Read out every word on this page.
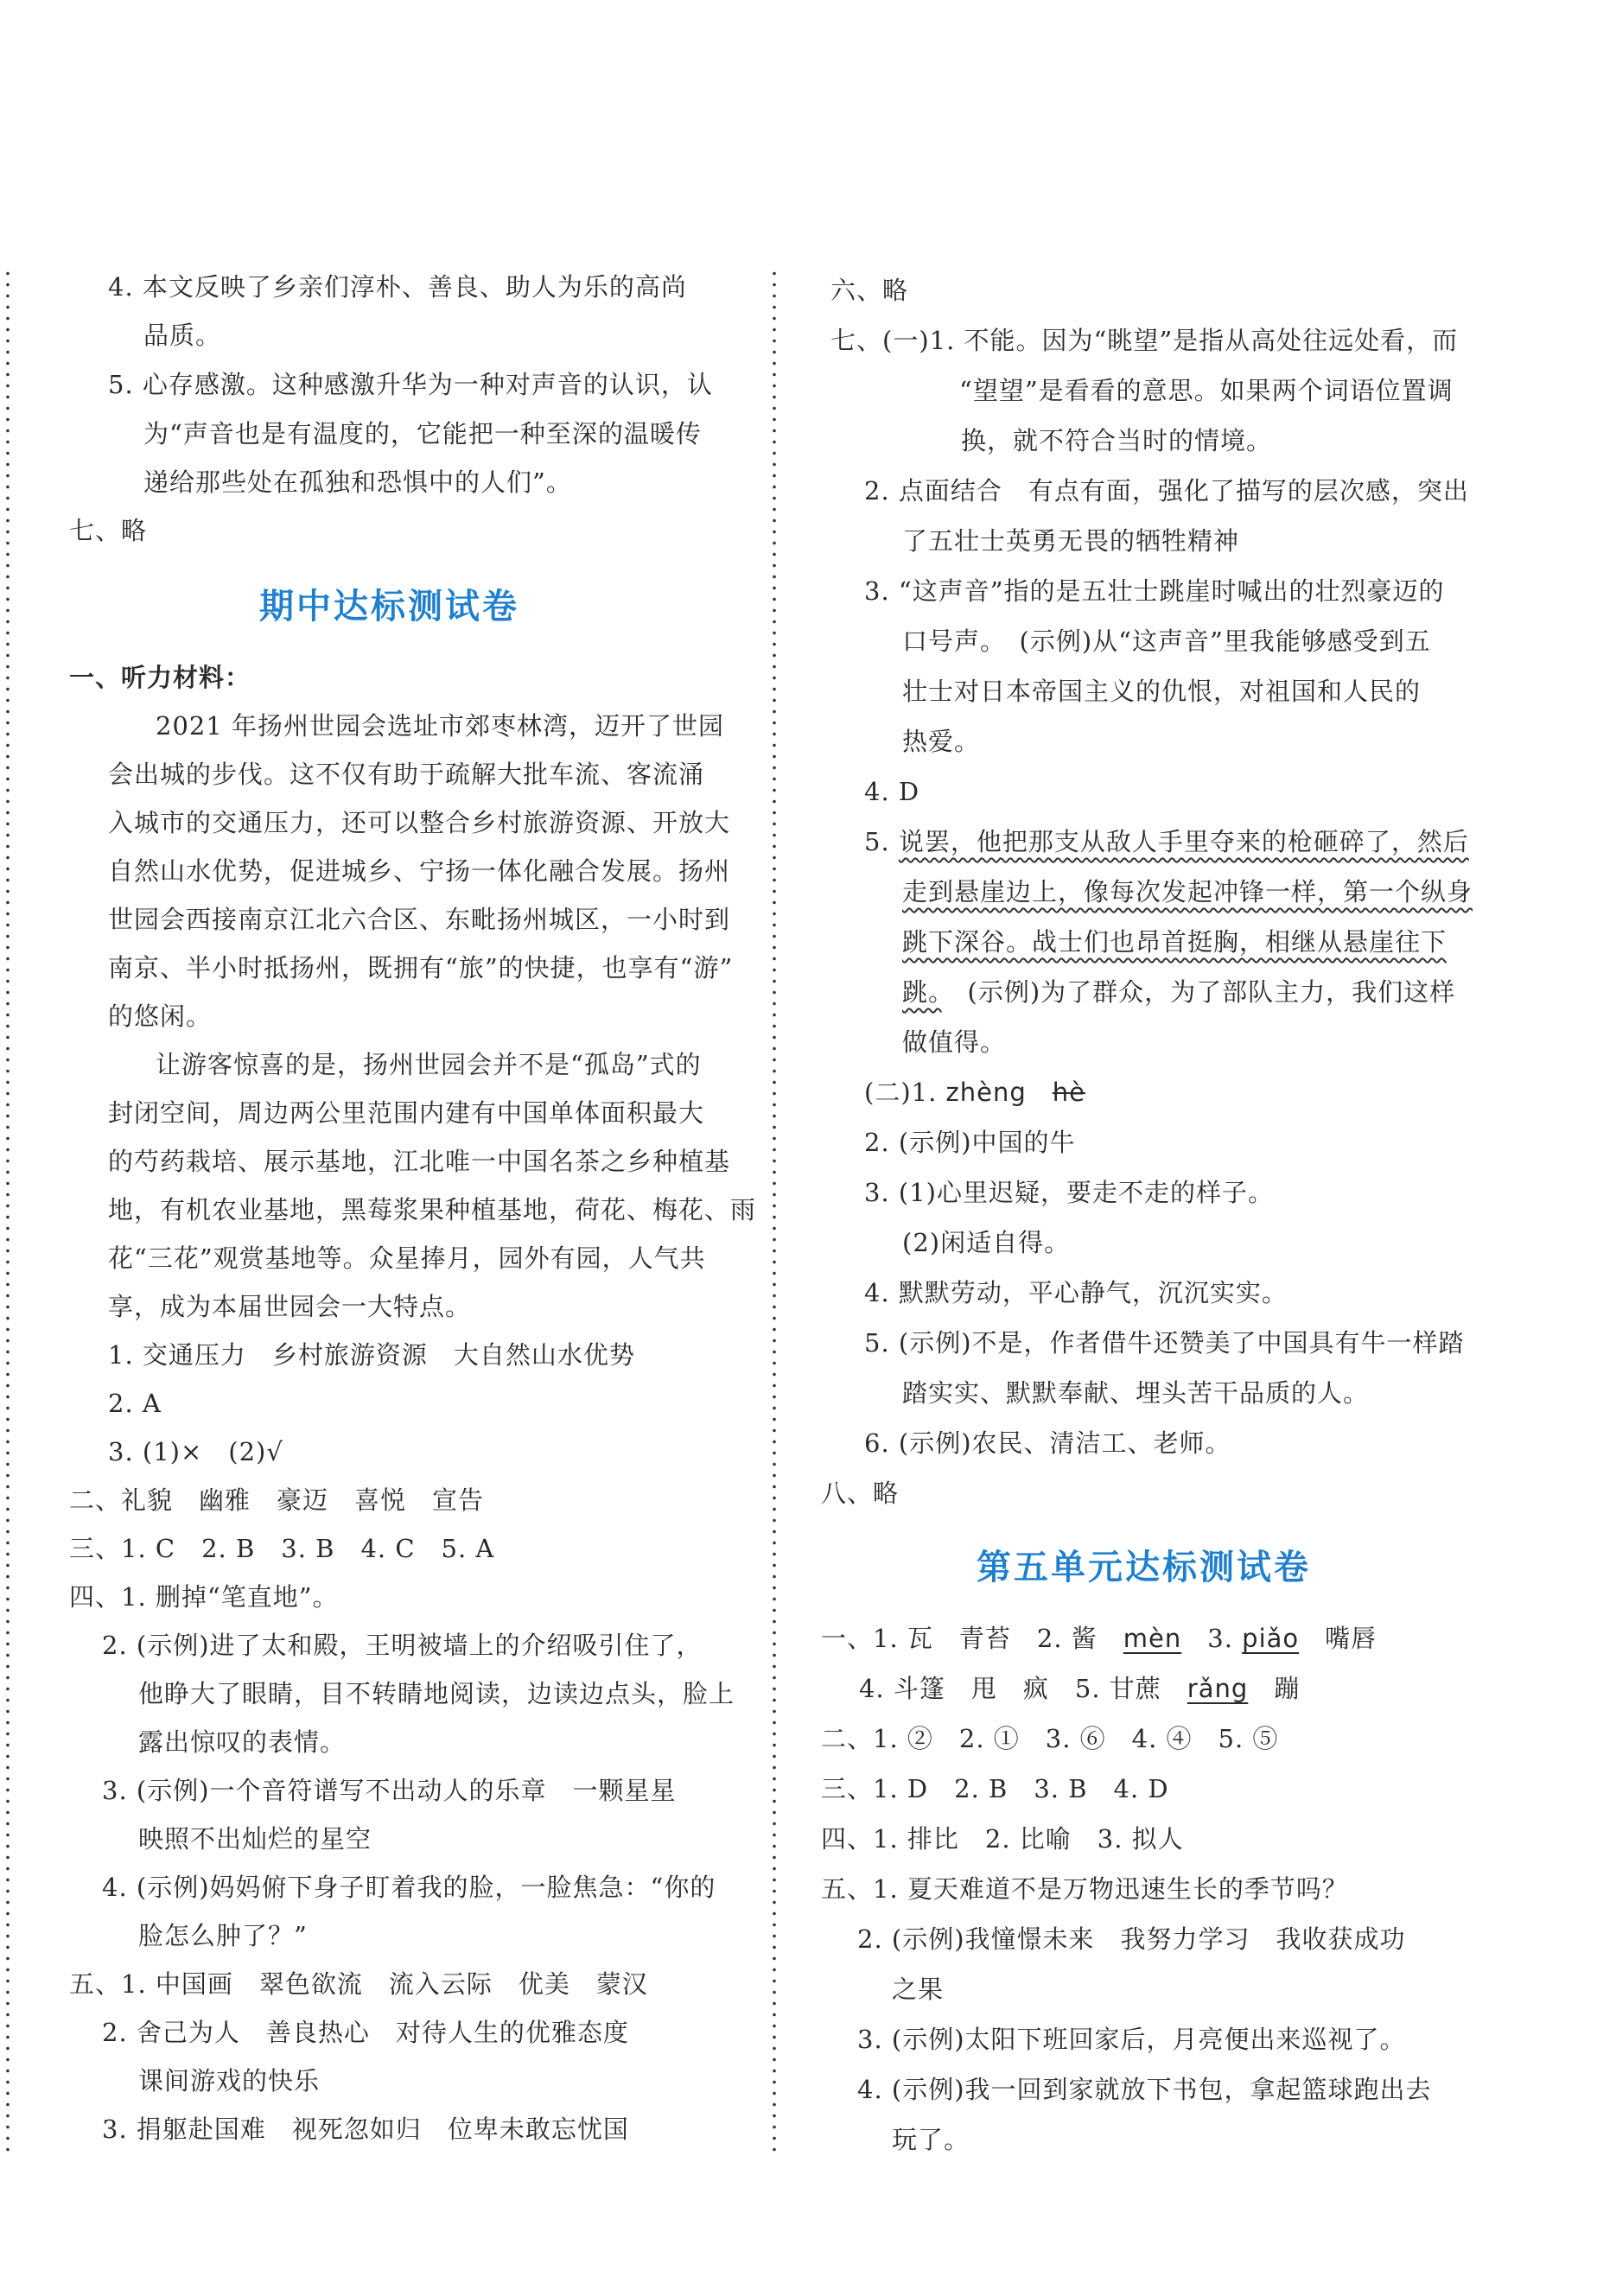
4. 本文反映了乡亲们淳朴、善良、助人为乐的高尚
品质。
5. 心存感激。这种感激升华为一种对声音的认识，认
为“声音也是有温度的，它能把一种至深的温暖传
递给那些处在孤独和恐惧中的人们”。
七、略
期中达标测试卷
一、听力材料：
2021 年扬州世园会选址市郊枣林湾，迈开了世园
会出城的步伐。这不仅有助于疏解大批车流、客流涌
入城市的交通压力，还可以整合乡村旅游资源、开放大
自然山水优势，促进城乡、宁扬一体化融合发展。扬州
世园会西接南京江北六合区、东毗扬州城区，一小时到
南京、半小时抵扬州，既拥有“旅”的快捷，也享有“游”
的悠闲。
让游客惊喜的是，扬州世园会并不是“孤岛”式的
封闭空间，周边两公里范围内建有中国单体面积最大
的芍药栽培、展示基地，江北唯一中国名茶之乡种植基
地，有机农业基地，黑莓浆果种植基地，荷花、梅花、雨
花“三花”观赏基地等。众星捧月，园外有园，人气共
享，成为本届世园会一大特点。
1. 交通压力　乡村旅游资源　大自然山水优势
2. A
3. (1)×　(2)√
二、礼貌　幽雅　豪迈　喜悦　宣告
三、1. C　2. B　3. B　4. C　5. A
四、1. 删掉“笔直地”。
2. (示例)进了太和殿，王明被墙上的介绍吸引住了，
他睁大了眼睛，目不转睛地阅读，边读边点头，脸上
露出惊叹的表情。
3. (示例)一个音符谱写不出动人的乐章　一颗星星
映照不出灿烂的星空
4. (示例)妈妈俯下身子盯着我的脸，一脸焦急：“你的
脸怎么肿了？”
五、1. 中国画　翠色欲流　流入云际　优美　蒙汉
2. 舍己为人　善良热心　对待人生的优雅态度
课间游戏的快乐
3. 捐躯赴国难　视死忽如归　位卑未敢忘忧国
六、略
七、(一)1. 不能。因为“眺望”是指从高处往远处看，而
“望望”是看看的意思。如果两个词语位置调
换，就不符合当时的情境。
2. 点面结合　有点有面，强化了描写的层次感，突出
了五壮士英勇无畏的牺牲精神
3. “这声音”指的是五壮士跳崖时喊出的壮烈豪迈的
口号声。　(示例)从“这声音”里我能够感受到五
壮士对日本帝国主义的仇恨，对祖国和人民的
热爱。
4. D
5. 说罢，他把那支从敌人手里夺来的枪砸碎了，然后
走到悬崖边上，像每次发起冲锋一样，第一个纵身
跳下深谷。战士们也昂首挺胸，相继从悬崖往下
跳。　(示例)为了群众，为了部队主力，我们这样
做值得。
(二)1. zhèng　 hè
2. (示例)中国的牛
3. (1)心里迟疑，要走不走的样子。
(2)闲适自得。
4. 默默劳动，平心静气，沉沉实实。
5. (示例)不是，作者借牛还赞美了中国具有牛一样踏
踏实实、默默奉献、埋头苦干品质的人。
6. (示例)农民、清洁工、老师。
八、略
第五单元达标测试卷
一、1. 瓦　青苔　2. 酱　mèn　3. piǎo　嘴唇
4. 斗篷　甩　疯　5. 甘蔗　rǎng　蹦
二、1. ②　2. ①　3. ⑥　4. ④　5. ⑤
三、1. D　2. B　3. B　4. D
四、1. 排比　2. 比喻　3. 拟人
五、1. 夏天难道不是万物迅速生长的季节吗？
2. (示例)我憧憬未来　我努力学习　我收获成功
之果
3. (示例)太阳下班回家后，月亮便出来巡视了。
4. (示例)我一回到家就放下书包，拿起篮球跑出去
玩了。
